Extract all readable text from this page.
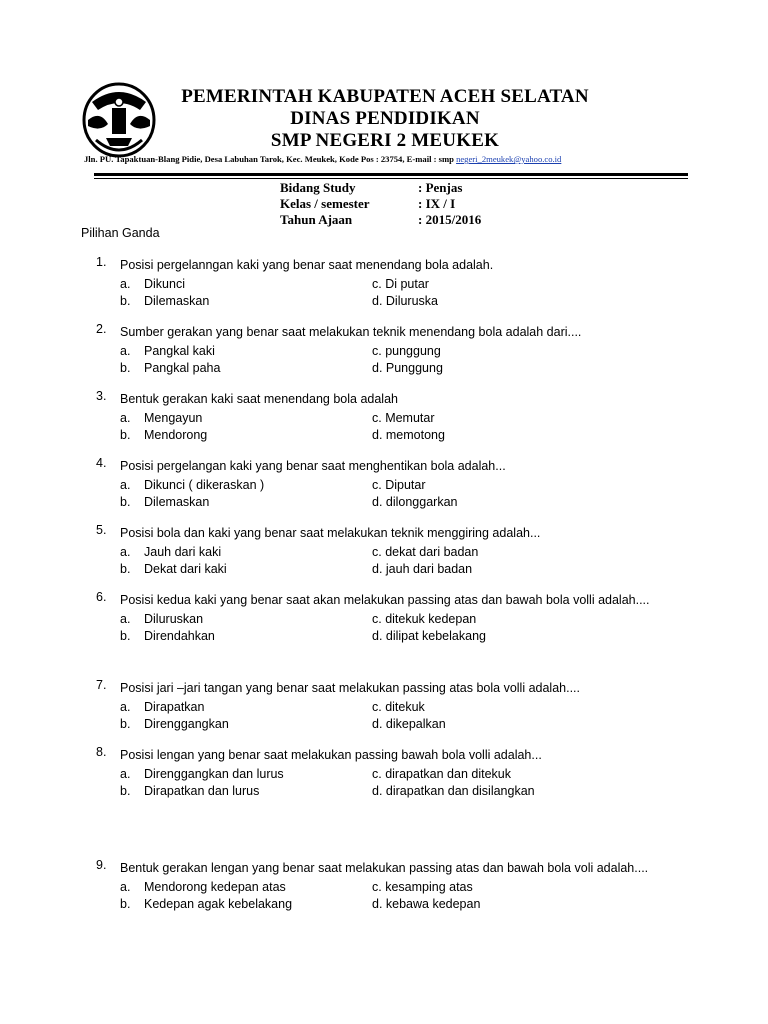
PEMERINTAH KABUPATEN ACEH SELATAN
DINAS PENDIDIKAN
SMP NEGERI 2 MEUKEK
Jln. PU. Tapaktuan-Blang Pidie, Desa Labuhan Tarok, Kec. Meukek, Kode Pos : 23754, E-mail : smp negeri_2meukek@yahoo.co.id
Bidang Study	: Penjas
Kelas / semester	: IX / I
Tahun Ajaan	: 2015/2016
Pilihan Ganda
1.	Posisi pergelanngan kaki yang benar saat menendang bola adalah.
a.	Dikunci	c. Di putar
b.	Dilemaskan	d. Diluruska
2.	Sumber gerakan yang benar saat melakukan teknik menendang bola adalah dari....
a.	Pangkal kaki	c. punggung
b.	Pangkal paha	d. Punggung
3.	Bentuk gerakan kaki saat menendang bola adalah
a.	Mengayun	c. Memutar
b.	Mendorong	d. memotong
4.	Posisi pergelangan kaki yang benar saat menghentikan bola adalah...
a.	Dikunci ( dikeraskan )	c. Diputar
b.	Dilemaskan	d. dilonggarkan
5.	Posisi bola dan kaki yang benar saat melakukan teknik menggiring adalah...
a.	Jauh dari kaki	c. dekat dari badan
b.	Dekat dari kaki	d. jauh dari badan
6.	Posisi kedua kaki yang benar saat akan melakukan passing atas dan bawah bola volli adalah....
a.	Diluruskan	c. ditekuk kedepan
b.	Direndahkan	d. dilipat kebelakang
7.	Posisi jari –jari tangan yang benar saat melakukan passing atas bola volli adalah....
a.	Dirapatkan	c. ditekuk
b.	Direnggangkan	d. dikepalkan
8.	Posisi lengan yang benar saat melakukan passing bawah bola volli adalah...
a.	Direnggangkan dan lurus	c. dirapatkan dan ditekuk
b.	Dirapatkan dan lurus	d. dirapatkan dan disilangkan
9.	Bentuk gerakan lengan yang benar saat melakukan passing atas dan bawah bola voli adalah....
a.	Mendorong kedepan atas	c. kesamping atas
b.	Kedepan agak kebelakang	d. kebawa kedepan
